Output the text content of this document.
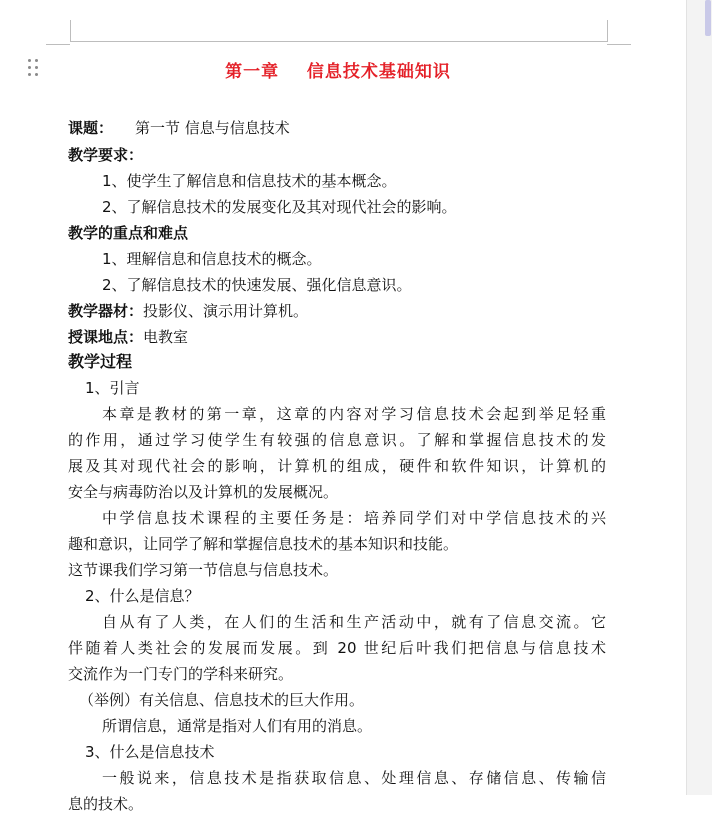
第一章    信息技术基础知识
课题： 第一节 信息与信息技术
教学要求：
1、使学生了解信息和信息技术的基本概念。
2、了解信息技术的发展变化及其对现代社会的影响。
教学的重点和难点
1、理解信息和信息技术的概念。
2、了解信息技术的快速发展、强化信息意识。
教学器材：投影仪、演示用计算机。
授课地点：电教室
教学过程
1、引言
本章是教材的第一章，这章的内容对学习信息技术会起到举足轻重
的作用，通过学习使学生有较强的信息意识。了解和掌握信息技术的发
展及其对现代社会的影响，计算机的组成，硬件和软件知识，计算机的
安全与病毒防治以及计算机的发展概况。
中学信息技术课程的主要任务是：培养同学们对中学信息技术的兴
趣和意识，让同学了解和掌握信息技术的基本知识和技能。
这节课我们学习第一节信息与信息技术。
2、什么是信息？
自从有了人类，在人们的生活和生产活动中，就有了信息交流。它
伴随着人类社会的发展而发展。到 20 世纪后叶我们把信息与信息技术
交流作为一门专门的学科来研究。
（举例）有关信息、信息技术的巨大作用。
所谓信息，通常是指对人们有用的消息。
3、什么是信息技术
一般说来，信息技术是指获取信息、处理信息、存储信息、传输信
息的技术。
